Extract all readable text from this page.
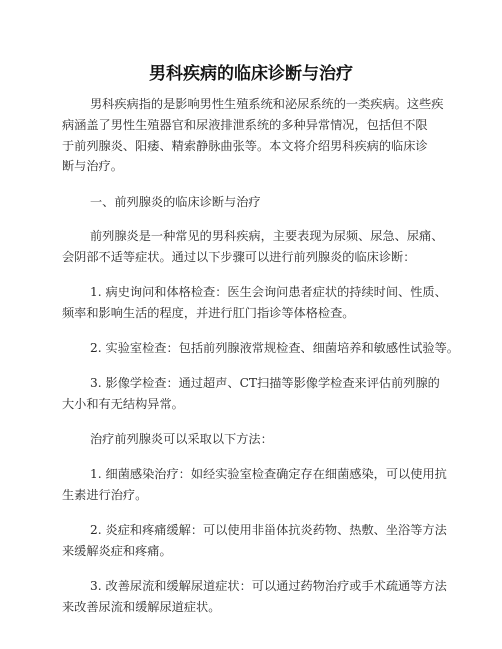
男科疾病的临床诊断与治疗
男科疾病指的是影响男性生殖系统和泌尿系统的一类疾病。这些疾
病涵盖了男性生殖器官和尿液排泄系统的多种异常情况，包括但不限
于前列腺炎、阳痿、精索静脉曲张等。本文将介绍男科疾病的临床诊
断与治疗。
一、前列腺炎的临床诊断与治疗
前列腺炎是一种常见的男科疾病，主要表现为尿频、尿急、尿痛、
会阴部不适等症状。通过以下步骤可以进行前列腺炎的临床诊断：
1. 病史询问和体格检查：医生会询问患者症状的持续时间、性质、
频率和影响生活的程度，并进行肛门指诊等体格检查。
2. 实验室检查：包括前列腺液常规检查、细菌培养和敏感性试验等。
3. 影像学检查：通过超声、CT扫描等影像学检查来评估前列腺的
大小和有无结构异常。
治疗前列腺炎可以采取以下方法：
1. 细菌感染治疗：如经实验室检查确定存在细菌感染，可以使用抗
生素进行治疗。
2. 炎症和疼痛缓解：可以使用非甾体抗炎药物、热敷、坐浴等方法
来缓解炎症和疼痛。
3. 改善尿流和缓解尿道症状：可以通过药物治疗或手术疏通等方法
来改善尿流和缓解尿道症状。
